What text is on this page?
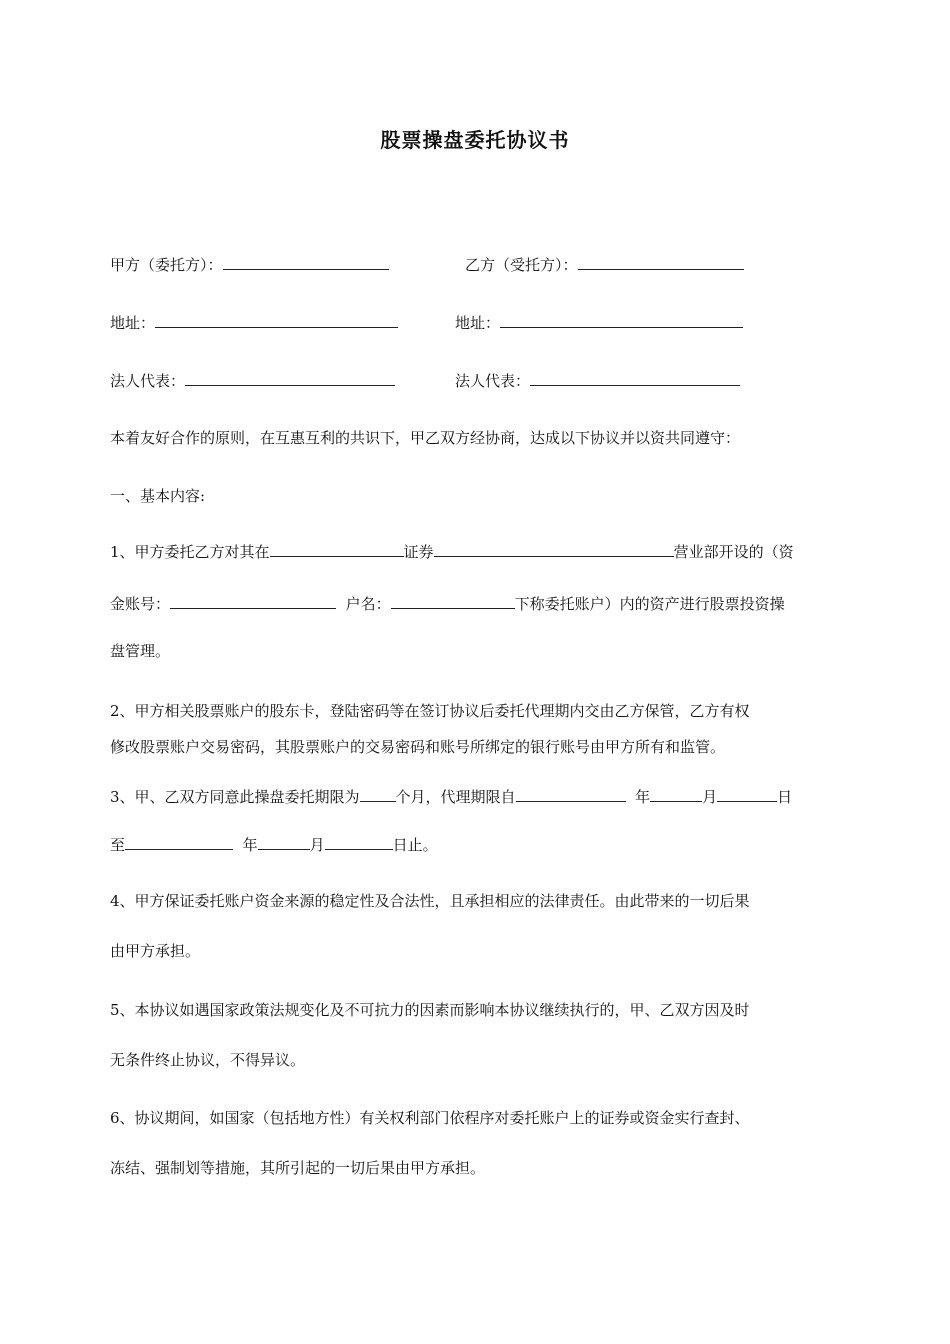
股票操盘委托协议书
甲方（委托方）：	乙方（受托方）：
地址：	地址：
法人代表：	法人代表：
本着友好合作的原则，在互惠互利的共识下，甲乙双方经协商，达成以下协议并以资共同遵守：
一、基本内容:
1、甲方委托乙方对其在	证券	营业部开设的（资
金账号：	户名：	下称委托账户）内的资产进行股票投资操
盘管理。
2、甲方相关股票账户的股东卡，登陆密码等在签订协议后委托代理期内交由乙方保管，乙方有权
修改股票账户交易密码，其股票账户的交易密码和账号所绑定的银行账号由甲方所有和监管。
3、甲、乙双方同意此操盘委托期限为 个月，代理期限自	年	月	日
至	年	月	日止。
4、甲方保证委托账户资金来源的稳定性及合法性，且承担相应的法律责任。由此带来的一切后果
由甲方承担。
5、本协议如遇国家政策法规变化及不可抗力的因素而影响本协议继续执行的，甲、乙双方因及时
无条件终止协议，不得异议。
6、协议期间，如国家（包括地方性）有关权利部门依程序对委托账户上的证券或资金实行查封、
冻结、强制划等措施，其所引起的一切后果由甲方承担。
